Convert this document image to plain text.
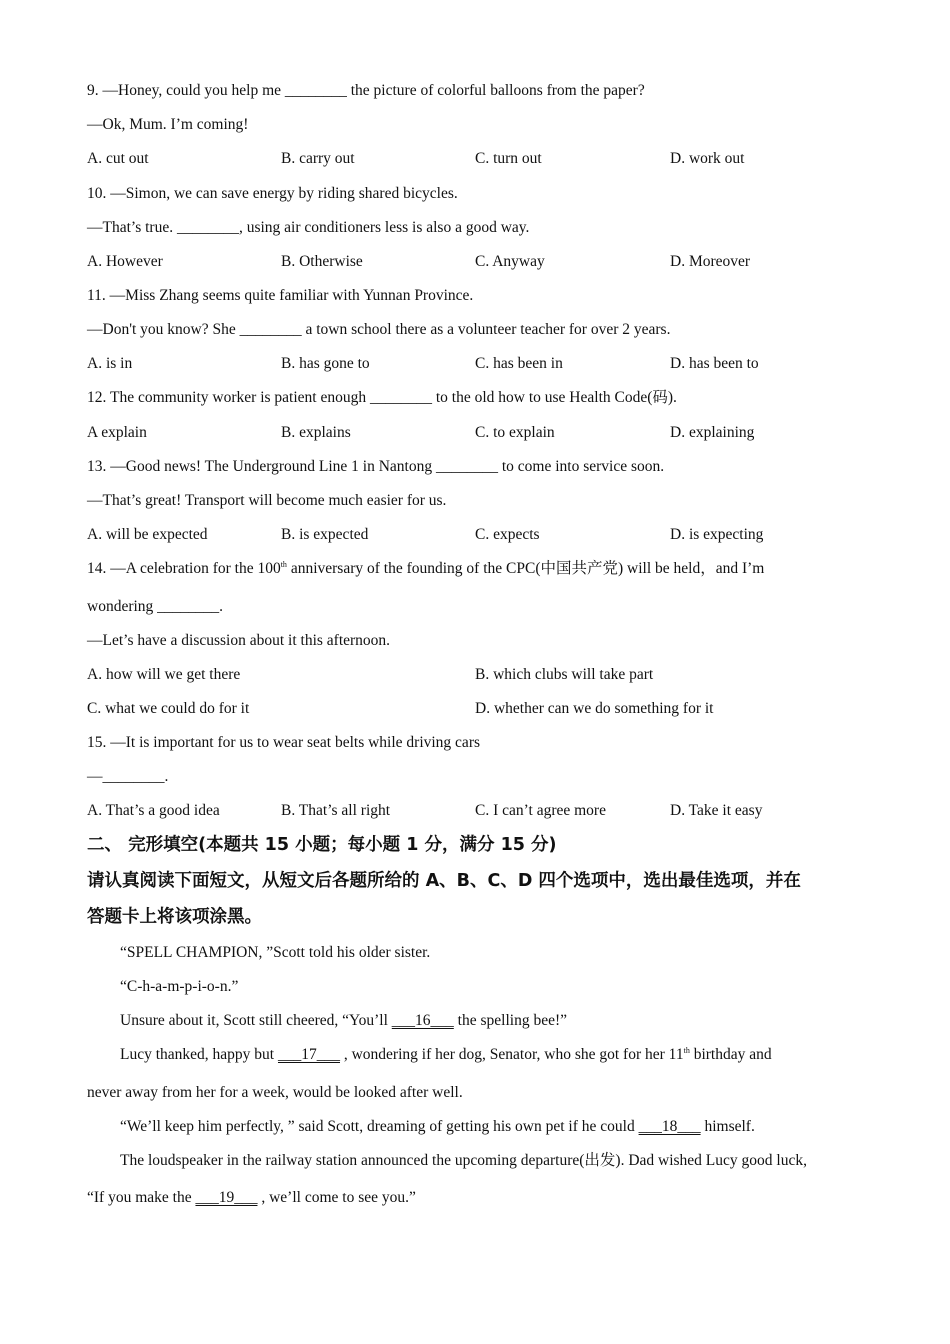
9. —Honey, could you help me ________ the picture of colorful balloons from the paper?
—Ok, Mum. I’m coming!
A. cut out	B. carry out	C. turn out	D. work out
10. —Simon, we can save energy by riding shared bicycles.
—That’s true. ________, using air conditioners less is also a good way.
A. However	B. Otherwise	C. Anyway	D. Moreover
11. —Miss Zhang seems quite familiar with Yunnan Province.
—Don't you know? She ________ a town school there as a volunteer teacher for over 2 years.
A. is in	B. has gone to	C. has been in	D. has been to
12. The community worker is patient enough ________ to the old how to use Health Code(码).
A explain	B. explains	C. to explain	D. explaining
13. —Good news! The Underground Line 1 in Nantong ________ to come into service soon.
—That’s great! Transport will become much easier for us.
A. will be expected	B. is expected	C. expects	D. is expecting
14. —A celebration for the 100th anniversary of the founding of the CPC(中国共产党) will be held，and I’m
wondering ________.
—Let’s have a discussion about it this afternoon.
A. how will we get there	B. which clubs will take part
C. what we could do for it	D. whether can we do something for it
15. —It is important for us to wear seat belts while driving cars
—________.
A. That’s a good idea	B. That’s all right	C. I can’t agree more	D. Take it easy
二、 完形填空(本题共 15 小题；每小题 1 分，满分 15 分)
请认真阅读下面短文，从短文后各题所给的 A、B、C、D 四个选项中，选出最佳选项，并在
答题卡上将该项涂黑。
“SPELL CHAMPION, ”Scott told his older sister.
“C-h-a-m-p-i-o-n.”
Unsure about it, Scott still cheered, “You’ll ___16___ the spelling bee!”
Lucy thanked, happy but ___17___ , wondering if her dog, Senator, who she got for her 11th birthday and
never away from her for a week, would be looked after well.
“We’ll keep him perfectly, ” said Scott, dreaming of getting his own pet if he could ___18___ himself.
The loudspeaker in the railway station announced the upcoming departure(出发). Dad wished Lucy good luck,
“If you make the ___19___ , we’ll come to see you.”
